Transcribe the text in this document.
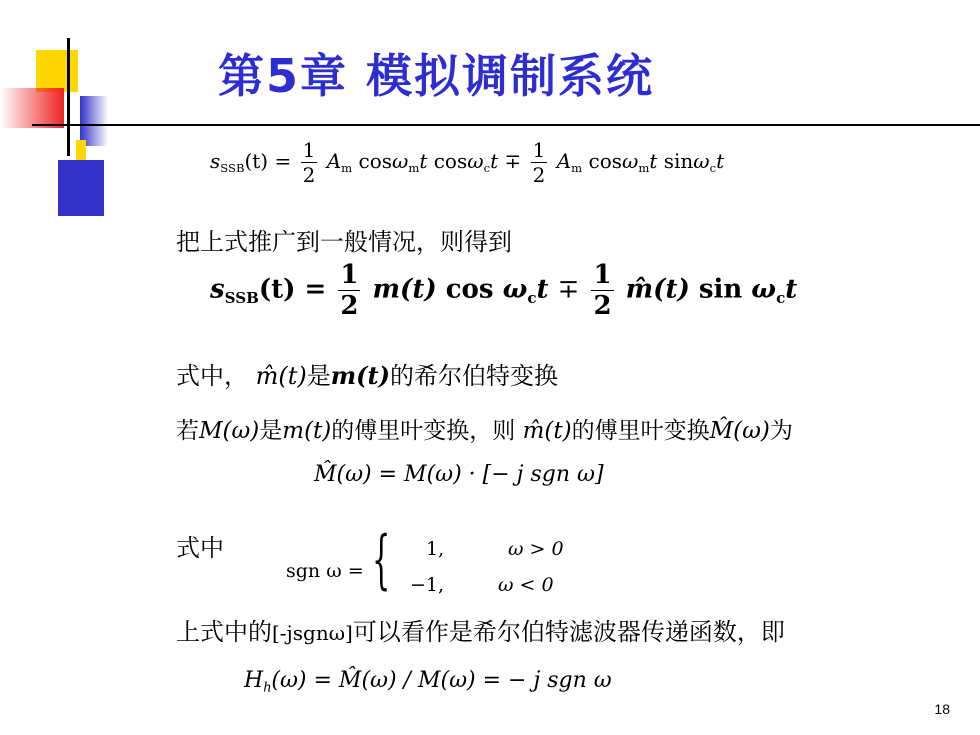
第5章 模拟调制系统
$s_{SSB}(t) = \frac{1}{2} A_m$ cosω$_m$t $\cos\omega_ct \mp \frac{1}{2} A_m$ cosω$_m$t sinω$_c$t
把上式推广到一般情况，则得到
$s_{SSB}(t) = \frac{1}{2} m(t)$ $\cos \omega_ct \mp \frac{1}{2}$ m̂(t) $\sin \omega_ct$
式中， m̂(t)是m(t)的希尔伯特变换
若M(ω)是m(t)的傅里叶变换，则 m̂(t)的傅里叶变换M̂(ω)为
M̂(ω) = M(ω) · [− j sgn ω]
式中
sgn ω = { 1,	ω > 0
−1,	ω < 0
上式中的[-jsgnω]可以看作是希尔伯特滤波器传递函数，即
$H_h(\omega)$ = M̂(ω) / M(ω) = − j sgn ω
18
